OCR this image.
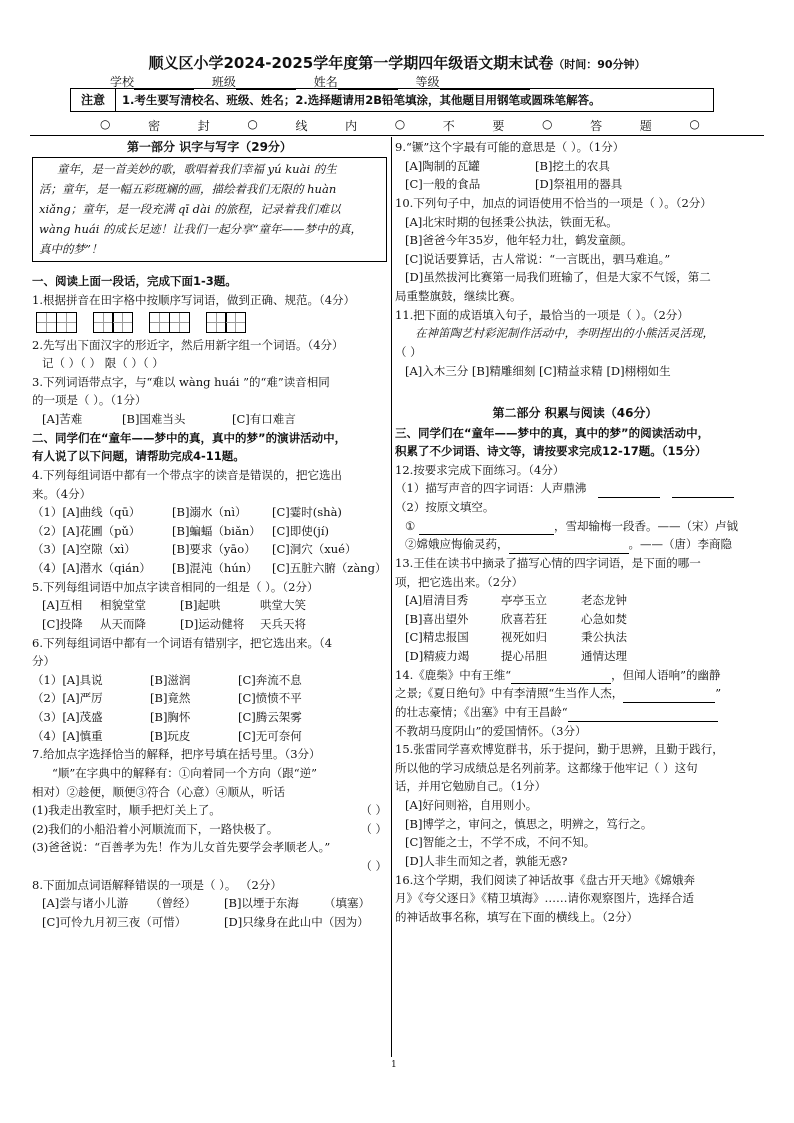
顺义区小学2024-2025学年度第一学期四年级语文期末试卷（时间：90分钟）
学校	班级	姓名	等级
注意	1.考生要写清校名、班级、姓名；2.选择题请用2B铅笔填涂，其他题目用钢笔或圆珠笔解答。
○	密	封	○	线	内	○	不	要	○	答	题	○

第一部分 识字与写字（29分）

童年，是一首美妙的歌，歌唱着我们幸福 yú kuài 的生
活；童年，是一幅五彩斑斓的画，描绘着我们无限的 huàn
xiǎng；童年，是一段充满 qī dài 的旅程，记录着我们难以
wàng huái 的成长足迹！让我们一起分享“童年——梦中的真，
真中的梦”！

一、阅读上面一段话，完成下面1-3题。

1.根据拼音在田字格中按顺序写词语，做到正确、规范。（4分）

2.先写出下面汉字的形近字，然后用新字组一个词语。（4分）

记（ ）（ ） 限（ ）（ ）

3.下列词语带点字，与“难以 wàng huái ”的“难”读音相同

的一项是（ ）。（1分）

[A]苦难	[B]国难当头	[C]有口难言

二、同学们在“童年——梦中的真，真中的梦”的演讲活动中，

有人说了以下问题，请帮助完成4-11题。

4.下列每组词语中都有一个带点字的读音是错误的，把它选出

来。（4分）

（1）[A]曲线（qū）	[B]溺水（nì）	[C]霎时(shà)
（2）[A]花圃（pǔ）	[B]蝙蝠（biǎn） [C]即使(jí)
（3）[A]空隙（xì）	[B]要求（yāo）	[C]洞穴（xué）
（4）[A]潜水（qián）	[B]混沌（hún）	[C]五脏六腑（zàng）

5.下列每组词语中加点字读音相同的一组是（ ）。（2分）

[A]互相	相貌堂堂	[B]起哄	哄堂大笑
[C]投降	从天而降	[D]运动健将	天兵天将

6.下列每组词语中都有一个词语有错别字，把它选出来。（4

分）

（1）[A]具说	[B]滋润	[C]奔流不息
（2）[A]严厉	[B]竟然	[C]愤愤不平
（3）[A]茂盛	[B]胸怀	[C]腾云架雾
（4）[A]慎重	[B]玩皮	[C]无可奈何

7.给加点字选择恰当的解释，把序号填在括号里。（3分）

“顺”在字典中的解释有：①向着同一个方向（跟“逆”

相对）②趁便，顺便③符合（心意）④顺从，听话

(1)我走出教室时，顺手把灯关上了。	（ ）
(2)我们的小船沿着小河顺流而下，一路快极了。	（ ）
(3)爸爸说：“百善孝为先！作为儿女首先要学会孝顺老人。”
（ ）

8.下面加点词语解释错误的一项是（ ）。 （2分）

[A]尝与诸小儿游	（曾经）	[B]以堙于东海	（填塞）
[C]可怜九月初三夜（可惜）	[D]只缘身在此山中（因为）

9.“镢”这个字最有可能的意思是（ ）。（1分）

[A]陶制的瓦罐	[B]挖土的农具
[C]一般的食品	[D]祭祖用的器具

10.下列句子中，加点的词语使用不恰当的一项是（ ）。（2分）

[A]北宋时期的包拯秉公执法，铁面无私。

[B]爸爸今年35岁，他年轻力壮，鹤发童颜。

[C]说话要算话，古人常说：“一言既出，驷马难追。”

[D]虽然拔河比赛第一局我们班输了，但是大家不气馁，第二

局重整旗鼓，继续比赛。

11.把下面的成语填入句子，最恰当的一项是（ ）。（2分）

在神笛陶艺村彩泥制作活动中，李明捏出的小熊活灵活现，

（ ）

[A]入木三分 [B]精雕细刻 [C]精益求精 [D]栩栩如生

第二部分 积累与阅读（46分）

三、同学们在“童年——梦中的真，真中的梦”的阅读活动中，

积累了不少词语、诗文等，请按要求完成12-17题。（15分）

12.按要求完成下面练习。（4分）

（1）描写声音的四字词语：人声鼎沸

（2）按原文填空。

①	，雪却输梅一段香。——（宋）卢钺
②嫦娥应悔偷灵药，	。——（唐）李商隐

13.王佳在读书中摘录了描写心情的四字词语，是下面的哪一

项，把它选出来。（2分）

[A]眉清目秀	亭亭玉立	老态龙钟
[B]喜出望外	欣喜若狂	心急如焚
[C]精忠报国	视死如归	秉公执法
[D]精疲力竭	提心吊胆	通情达理
14.《鹿柴》中有王维“	，但闻人语响”的幽静
之景;《夏日绝句》中有李清照“生当作人杰，	”
的壮志豪情；《出塞》中有王昌龄“

不教胡马度阴山”的爱国情怀。（3分）

15.张雷同学喜欢博览群书，乐于提问，勤于思辨，且勤于践行，

所以他的学习成绩总是名列前茅。这都缘于他牢记（ ）这句

话，并用它勉励自己。（1分）

[A]好问则裕，自用则小。

[B]博学之，审问之，慎思之，明辨之，笃行之。

[C]智能之士，不学不成，不问不知。

[D]人非生而知之者，孰能无惑?

16.这个学期，我们阅读了神话故事《盘古开天地》《嫦娥奔

月》《夸父逐日》《精卫填海》……请你观察图片，选择合适

的神话故事名称，填写在下面的横线上。（2分）

1
